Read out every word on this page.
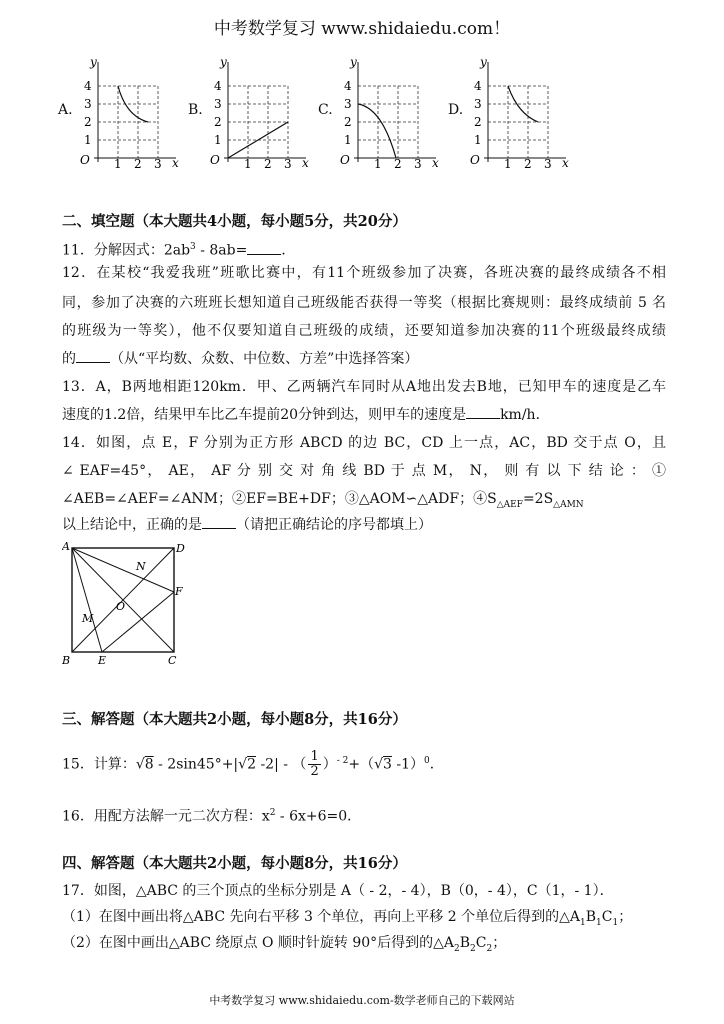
中考数学复习 www.shidaiedu.com！
A.
1 2 3
1
2
3
4
O	x
y
B.
1 2 3
1
2
3
4
O	x
y
C.
1 2 3
1
2
3
4
O	x
y
D.
1 2 3
1
2
3
4
O	x
y
二、填空题（本大题共4小题，每小题5分，共20分）
11．分解因式：$2ab^3 - 8ab=$ ．
12．在某校“我爱我班”班歌比赛中，有11个班级参加了决赛，各班决赛的最终成绩各不相
同，参加了决赛的六班班长想知道自己班级能否获得一等奖（根据比赛规则：最终成绩前 5 名
的班级为一等奖），他不仅要知道自己班级的成绩，还要知道参加决赛的11个班级最终成绩
的 （从“平均数、众数、中位数、方差”中选择答案）
13．A，B两地相距120km．甲、乙两辆汽车同时从A地出发去B地，已知甲车的速度是乙车
速度的1.2倍，结果甲车比乙车提前20分钟到达，则甲车的速度是 km/h．
14．如图，点 E，F 分别为正方形 ABCD 的边 BC，CD 上一点，AC，BD 交于点 O，且
∠ EAF=45°， AE， AF 分 别 交 对 角 线 BD 于 点 M， N， 则 有 以 下 结 论 ： ①
∠AEB=∠AEF=∠ANM；②EF=BE+DF；③△AOM∽△ADF；$④S_{\triangle AEF}=2S_{\triangle AMN}$
以上结论中，正确的是 （请把正确结论的序号都填上）
A	D
B	C
E
F
M
N
O
三、解答题（本大题共2小题，每小题8分，共16分）
15．计算：√8 - 2sin45°+|√2 -2| - （ $\frac{1}{2} )^{- 2}+(√3$ -1）$^0$．
16．用配方法解一元二次方程：$x^2 - 6x+6=0$．
四、解答题（本大题共2小题，每小题8分，共16分）
17．如图，△ABC 的三个顶点的坐标分别是 A（ - 2，- 4），B（0，- 4），C（1，- 1）．
（1）在图中画出将△ABC 先向右平移 3 个单位，再向上平移 2 个单位后得到的$\triangle A_1B_1C_1$；
（2）在图中画出△ABC 绕原点 O 顺时针旋转 90°后得到的$\triangle A_2B_2C_2$；
中考数学复习 www.shidaiedu.com-数学老师自己的下载网站
